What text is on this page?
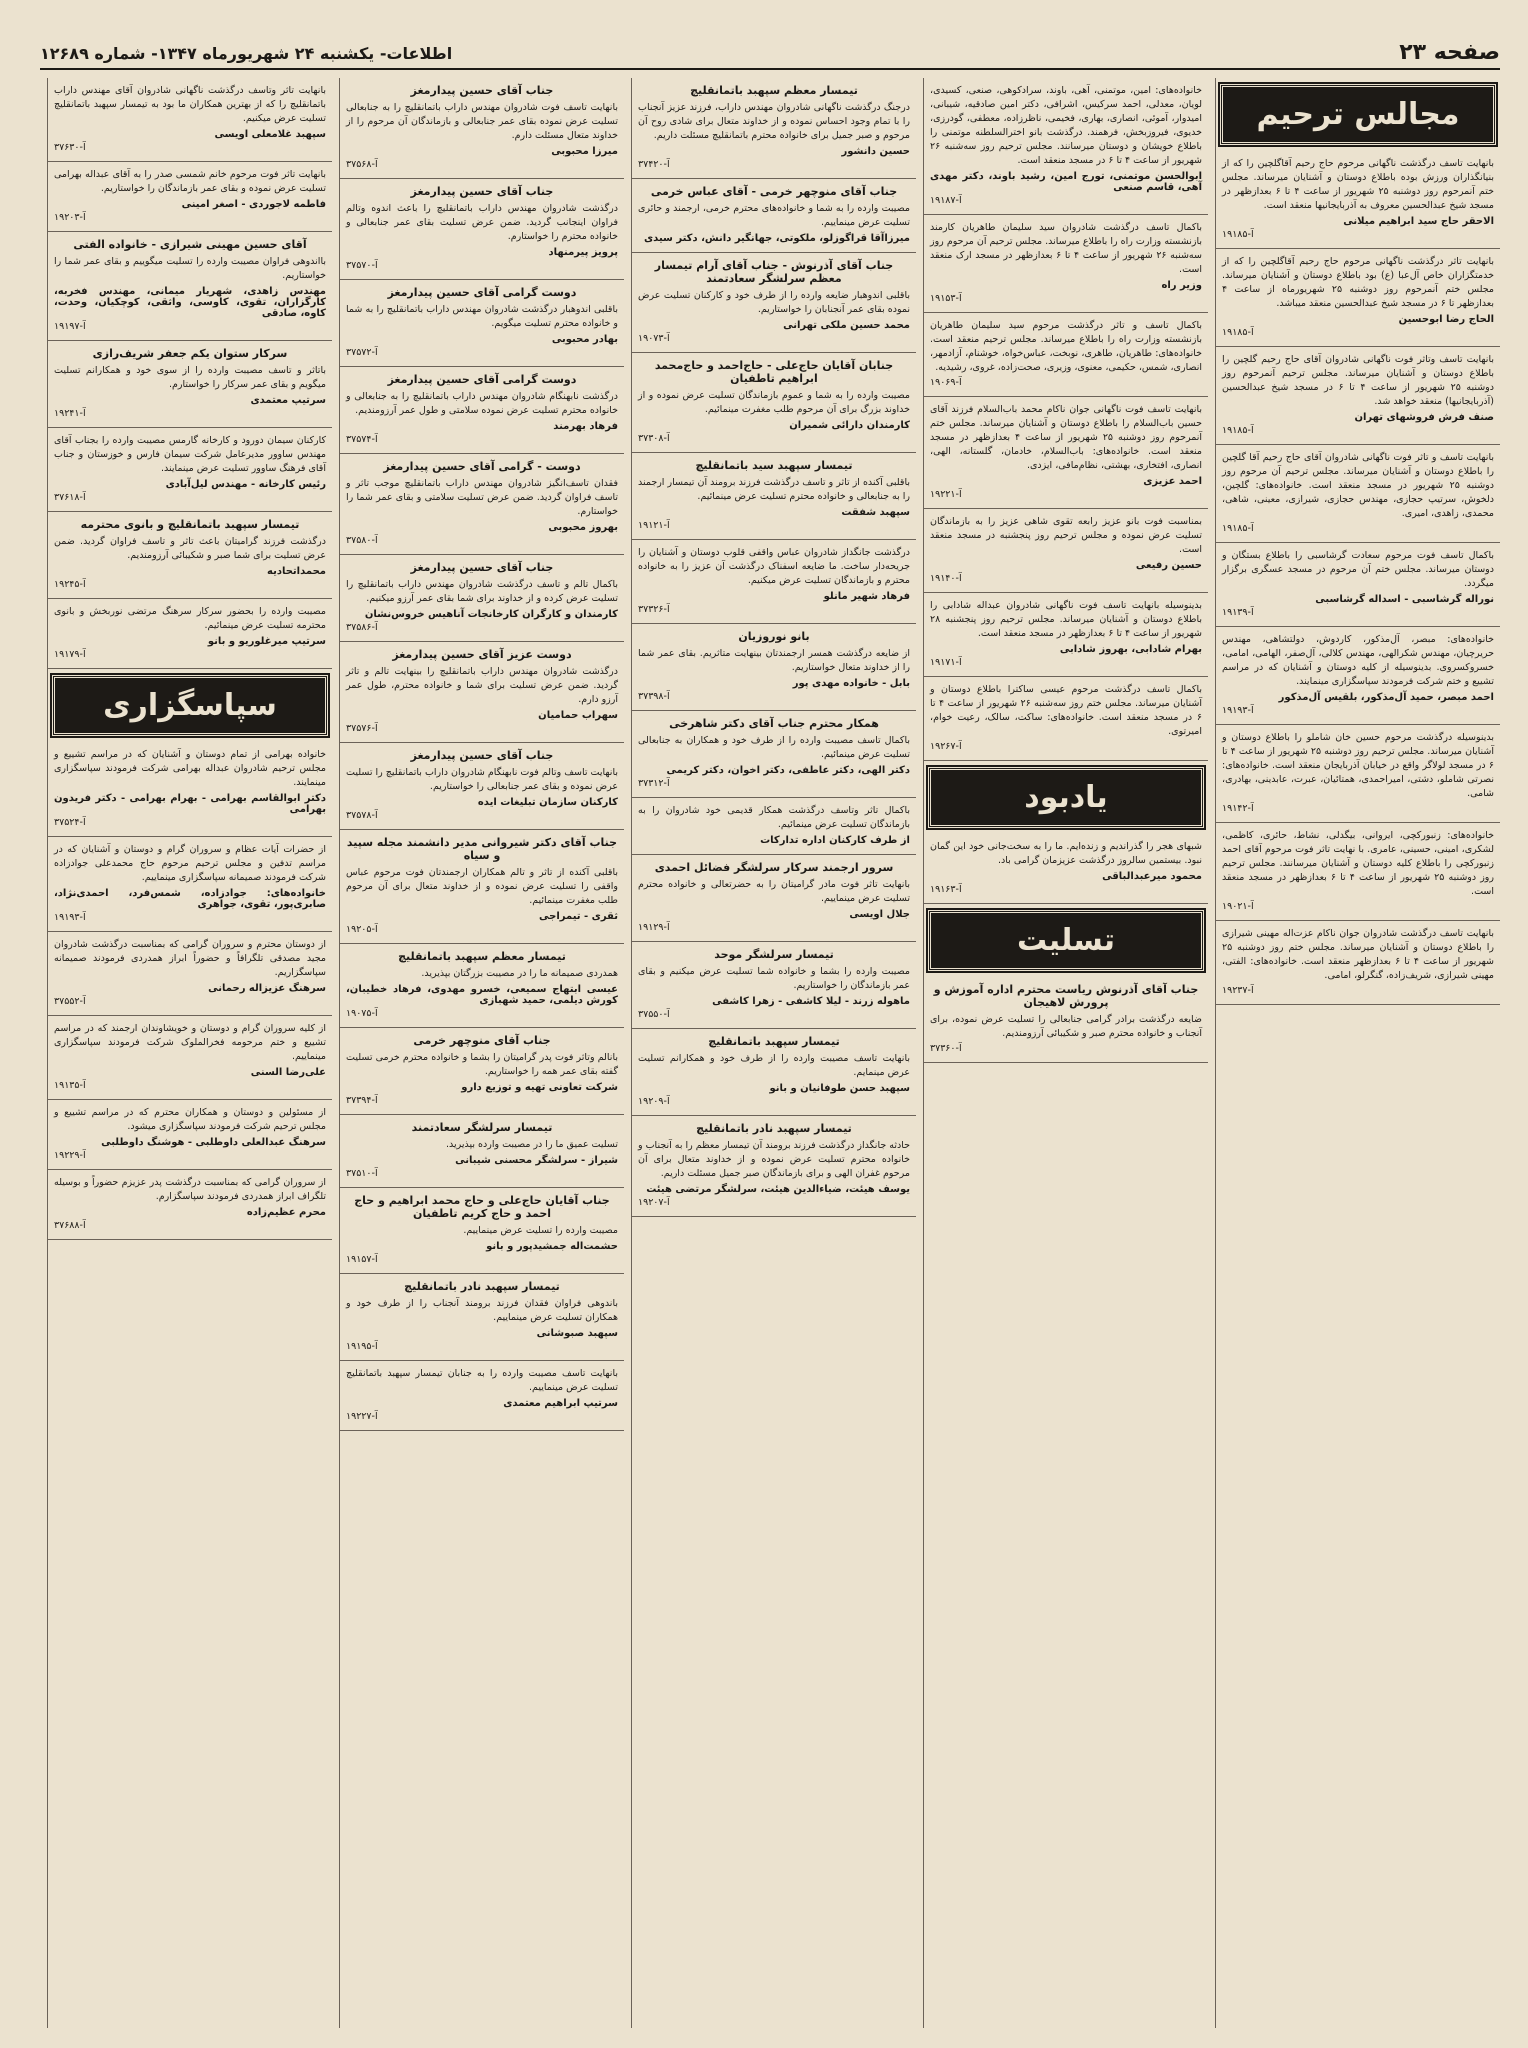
صفحه ۲۳
اطلاعات- یکشنبه ۲۴ شهریورماه ۱۳۴۷- شماره ۱۲۶۸۹
مجالس ترحیم
بانهایت تاسف درگذشت ناگهانی مرحوم حاج رحیم آقاگلچین را که از بنیانگذاران ورزش بوده باطلاع دوستان و آشنایان میرساند. مجلس ختم آنمرحوم روز دوشنبه ۲۵ شهریور از ساعت ۴ تا ۶ بعدازظهر در مسجد شیخ عبدالحسین معروف به آذربایجانیها منعقد است.
الاحقر حاج سید ابراهیم میلانی
آ-۱۹۱۸۵
بانهایت تاثر درگذشت ناگهانی مرحوم حاج رحیم آقاگلچین را که از خدمتگزاران خاص آل‌عبا (ع) بود باطلاع دوستان و آشنایان میرساند. مجلس ختم آنمرحوم روز دوشنبه ۲۵ شهریورماه از ساعت ۴ بعدازظهر تا ۶ در مسجد شیخ عبدالحسین منعقد میباشد.
الحاج رضا ابوحسین
آ-۱۹۱۸۵
بانهایت تاسف وتاثر فوت ناگهانی شادروان آقای حاج رحیم گلچین را باطلاع دوستان و آشنایان میرساند. مجلس ترحیم آنمرحوم روز دوشنبه ۲۵ شهریور از ساعت ۴ تا ۶ در مسجد شیخ عبدالحسین (آذربایجانیها) منعقد خواهد شد.
صنف فرش فروشهای تهران
آ-۱۹۱۸۵
بانهایت تاسف و تاثر فوت ناگهانی شادروان آقای حاج رحیم آقا گلچین را باطلاع دوستان و آشنایان میرساند. مجلس ترحیم آن مرحوم روز دوشنبه ۲۵ شهریور در مسجد منعقد است. خانواده‌های: گلچین، دلخوش، سرتیپ حجازی، مهندس حجازی، شیرازی، معینی، شاهی، محمدی، زاهدی، امیری.
آ-۱۹۱۸۵
باکمال تاسف فوت مرحوم سعادت گرشاسبی را باطلاع بستگان و دوستان میرساند. مجلس ختم آن مرحوم در مسجد عسگری برگزار میگردد.
نوراله گرشاسبی - اسداله گرشاسبی
آ-۱۹۱۳۹
خانواده‌های: مبصر، آل‌مذکور، کاردوش، دولتشاهی، مهندس حریرچیان، مهندس شکرالهی، مهندس کلالی، آل‌صفر، الهامی، امامی، خسروکسروی. بدینوسیله از کلیه دوستان و آشنایان که در مراسم تشییع و ختم شرکت فرمودند سپاسگزاری مینمایند.
احمد مبصر، حمید آل‌مذکور، بلقیس آل‌مذکور
آ-۱۹۱۹۳
بدینوسیله درگذشت مرحوم حسین خان شاملو را باطلاع دوستان و آشنایان میرساند. مجلس ترحیم روز دوشنبه ۲۵ شهریور از ساعت ۴ تا ۶ در مسجد لولاگر واقع در خیابان آذربایجان منعقد است. خانواده‌های: نصرتی شاملو، دشتی، امیراحمدی، همتائیان، عبرت، عابدینی، بهادری، شامی.
آ-۱۹۱۴۲
خانواده‌های: زنبورکچی، ایروانی، بیگدلی، نشاط، حائری، کاظمی، لشکری، امینی، حسینی، عامری. با نهایت تاثر فوت مرحوم آقای احمد زنبورکچی را باطلاع کلیه دوستان و آشنایان میرسانند. مجلس ترحیم روز دوشنبه ۲۵ شهریور از ساعت ۴ تا ۶ بعدازظهر در مسجد منعقد است.
آ-۱۹۰۲۱
بانهایت تاسف درگذشت شادروان جوان ناکام عزت‌اله مهینی شیرازی را باطلاع دوستان و آشنایان میرساند. مجلس ختم روز دوشنبه ۲۵ شهریور از ساعت ۴ تا ۶ بعدازظهر منعقد است. خانواده‌های: الفتی، مهینی شیرازی، شریف‌زاده، گنگرلو، امامی.
آ-۱۹۲۳۷
خانواده‌های: امین، موتمنی، آهی، باوند، سرادکوهی، صنعی، کسیدی، لویان، معدلی، احمد سرکیس، اشرافی، دکتر امین صادقیه، شیبانی، امیدوار، آموئی، انصاری، بهاری، فخیمی، ناظرزاده، معطفی، گودرزی، خدیوی، فیروزبخش، فرهمند. درگذشت بانو اخترالسلطنه موتمنی را باطلاع خویشان و دوستان میرسانند. مجلس ترحیم روز سه‌شنبه ۲۶ شهریور از ساعت ۴ تا ۶ در مسجد منعقد است.
ابوالحسن موتمنی، تورج امین، رشید باوند، دکتر مهدی آهی، قاسم صنعی
آ-۱۹۱۸۷
باکمال تاسف درگذشت شادروان سید سلیمان طاهریان کارمند بازنشسته وزارت راه را باطلاع میرساند. مجلس ترحیم آن مرحوم روز سه‌شنبه ۲۶ شهریور از ساعت ۴ تا ۶ بعدازظهر در مسجد ارک منعقد است.
وزیر راه
آ-۱۹۱۵۳
باکمال تاسف و تاثر درگذشت مرحوم سید سلیمان طاهریان بازنشسته وزارت راه را باطلاع میرساند. مجلس ترحیم منعقد است. خانواده‌های: طاهریان، طاهری، نوبخت، عباس‌خواه، خوشنام، آزادمهر، انصاری، شمس، حکیمی، معنوی، وزیری، صحت‌زاده، غروی، رشیدیه.
آ-۱۹۰۶۹
بانهایت تاسف فوت ناگهانی جوان ناکام محمد باب‌السلام فرزند آقای حسین باب‌السلام را باطلاع دوستان و آشنایان میرساند. مجلس ختم آنمرحوم روز دوشنبه ۲۵ شهریور از ساعت ۴ بعدازظهر در مسجد منعقد است. خانواده‌های: باب‌السلام، خادمان، گلستانه، الهی، انصاری، افتخاری، بهشتی، نظام‌مافی، ایزدی.
احمد عزیزی
آ-۱۹۲۲۱
بمناسبت فوت بانو عزیز رابعه تقوی شاهی عزیز را به بازماندگان تسلیت عرض نموده و مجلس ترحیم روز پنجشنبه در مسجد منعقد است.
حسین رفیعی
آ-۱۹۱۴۰
بدینوسیله بانهایت تاسف فوت ناگهانی شادروان عبداله شادابی را باطلاع دوستان و آشنایان میرساند. مجلس ترحیم روز پنجشنبه ۲۸ شهریور از ساعت ۴ تا ۶ بعدازظهر در مسجد منعقد است.
بهرام شادابی، بهروز شادابی
آ-۱۹۱۷۱
باکمال تاسف درگذشت مرحوم عیسی ساکترا باطلاع دوستان و آشنایان میرساند. مجلس ختم روز سه‌شنبه ۲۶ شهریور از ساعت ۴ تا ۶ در مسجد منعقد است. خانواده‌های: ساکت، سالک، رعیت خوام، امیرتوی.
آ-۱۹۲۶۷
یادبود
شبهای هجر را گذراندیم و زنده‌ایم. ما را به سخت‌جانی خود این گمان نبود. بیستمین سالروز درگذشت عزیزمان گرامی باد.
محمود میرعبدالباقی
آ-۱۹۱۶۳
تسلیت
جناب آقای آذرنوش ریاست محترم اداره آموزش و پرورش لاهیجان
ضایعه درگذشت برادر گرامی جنابعالی را تسلیت عرض نموده، برای آنجناب و خانواده محترم صبر و شکیبائی آرزومندیم.
آ-۳۷۳۶۰
تیمسار معظم سپهبد باتمانقلیچ
درجنگ درگذشت ناگهانی شادروان مهندس داراب، فرزند عزیز آنجناب را با تمام وجود احساس نموده و از خداوند متعال برای شادی روح آن مرحوم و صبر جمیل برای خانواده محترم باتمانقلیچ مسئلت داریم.
حسین دانشور
آ-۳۷۴۲۰
جناب آقای منوچهر خرمی - آقای عباس خرمی
مصیبت وارده را به شما و خانواده‌های محترم خرمی، ارجمند و حائری تسلیت عرض مینماییم.
میرزاآقا قراگوزلو، ملکوتی، جهانگیر دانش، دکتر سیدی
جناب آقای آذرنوش - جناب آقای آرام تیمسار معظم سرلشگر سعادتمند
باقلبی اندوهبار ضایعه وارده را از طرف خود و کارکنان تسلیت عرض نموده بقای عمر آنجنابان را خواستاریم.
محمد حسین ملکی تهرانی
آ-۱۹۰۷۳
جنابان آقایان حاج‌علی - حاج‌احمد و حاج‌محمد ابراهیم تاطفیان
مصیبت وارده را به شما و عموم بازماندگان تسلیت عرض نموده و از خداوند بزرگ برای آن مرحوم طلب مغفرت مینمائیم.
کارمندان دارائی شمیران
آ-۳۷۳۰۸
تیمسار سپهبد سید باتمانقلیچ
باقلبی آکنده از تاثر و تاسف درگذشت فرزند برومند آن تیمسار ارجمند را به جنابعالی و خانواده محترم تسلیت عرض مینمائیم.
سپهبد شفقت
آ-۱۹۱۲۱
درگذشت جانگداز شادروان عباس واقفی قلوب دوستان و آشنایان را جریحه‌دار ساخت. ما ضایعه اسفناک درگذشت آن عزیز را به خانواده محترم و بازماندگان تسلیت عرض میکنیم.
فرهاد شهیر مانلو
آ-۳۷۳۲۶
بانو نوروزیان
از ضایعه درگذشت همسر ارجمندتان بینهایت متاثریم. بقای عمر شما را از خداوند متعال خواستاریم.
بابل - خانواده مهدی پور
آ-۳۷۳۹۸
همکار محترم جناب آقای دکتر شاهرخی
باکمال تاسف مصیبت وارده را از طرف خود و همکاران به جنابعالی تسلیت عرض مینمائیم.
دکتر الهی، دکتر عاطفی، دکتر اخوان، دکتر کریمی
آ-۳۷۳۱۲
باکمال تاثر وتاسف درگذشت همکار قدیمی خود شادروان را به بازماندگان تسلیت عرض مینمائیم.
از طرف کارکنان اداره تدارکات
سرور ارجمند سرکار سرلشگر فضائل احمدی
بانهایت تاثر فوت مادر گرامیتان را به حضرتعالی و خانواده محترم تسلیت عرض مینماییم.
جلال اویسی
آ-۱۹۱۲۹
تیمسار سرلشگر موحد
مصیبت وارده را بشما و خانواده شما تسلیت عرض میکنیم و بقای عمر بازماندگان را خواستاریم.
ماهوله زرند - لیلا کاشفی - زهرا کاشفی
آ-۳۷۵۵۰
تیمسار سپهبد باتمانقلیچ
بانهایت تاسف مصیبت وارده را از طرف خود و همکارانم تسلیت عرض مینمایم.
سپهبد حسن طوفانیان و بانو
آ-۱۹۲۰۹
تیمسار سپهبد نادر باتمانقلیچ
حادثه جانگداز درگذشت فرزند برومند آن تیمسار معظم را به آنجناب و خانواده محترم تسلیت عرض نموده و از خداوند متعال برای آن مرحوم غفران الهی و برای بازماندگان صبر جمیل مسئلت داریم.
یوسف هیئت، ضیاءالدین هیئت، سرلشگر مرتضی هیئت
آ-۱۹۲۰۷
جناب آقای حسین پیدارمغز
بانهایت تاسف فوت شادروان مهندس داراب باتمانقلیچ را به جنابعالی تسلیت عرض نموده بقای عمر جنابعالی و بازماندگان آن مرحوم را از خداوند متعال مسئلت دارم.
میرزا محبوبی
آ-۳۷۵۶۸
جناب آقای حسین پیدارمغز
درگذشت شادروان مهندس داراب باتمانقلیچ را باعث اندوه وتالم فراوان اینجانب گردید. ضمن عرض تسلیت بقای عمر جنابعالی و خانواده محترم را خواستارم.
پرویز پیرمنهاد
آ-۳۷۵۷۰
دوست گرامی آقای حسین پیدارمغز
باقلبی اندوهبار درگذشت شادروان مهندس داراب باتمانقلیچ را به شما و خانواده محترم تسلیت میگویم.
بهادر محبوبی
آ-۳۷۵۷۲
دوست گرامی آقای حسین پیدارمغز
درگذشت نابهنگام شادروان مهندس داراب باتمانقلیچ را به جنابعالی و خانواده محترم تسلیت عرض نموده سلامتی و طول عمر آرزومندیم.
فرهاد بهرمند
آ-۳۷۵۷۴
دوست - گرامی آقای حسین پیدارمغز
فقدان تاسف‌انگیز شادروان مهندس داراب باتمانقلیچ موجب تاثر و تاسف فراوان گردید. ضمن عرض تسلیت سلامتی و بقای عمر شما را خواستارم.
بهروز محبوبی
آ-۳۷۵۸۰
جناب آقای حسین پیدارمغز
باکمال تالم و تاسف درگذشت شادروان مهندس داراب باتمانقلیچ را تسلیت عرض کرده و از خداوند برای شما بقای عمر آرزو میکنیم.
کارمندان و کارگران کارخانجات آناهیس خروس‌نشان
آ-۳۷۵۸۶
دوست عزیز آقای حسین پیدارمغز
درگذشت شادروان مهندس داراب باتمانقلیچ را بینهایت تالم و تاثر گردید. ضمن عرض تسلیت برای شما و خانواده محترم، طول عمر آرزو دارم.
سهراب حمامیان
آ-۳۷۵۷۶
جناب آقای حسین پیدارمغز
بانهایت تاسف وتالم فوت نابهنگام شادروان داراب باتمانقلیچ را تسلیت عرض نموده و بقای عمر جنابعالی را خواستاریم.
کارکنان سازمان تبلیغات ایده
آ-۳۷۵۷۸
جناب آقای دکتر شیروانی مدیر دانشمند مجله سپید و سیاه
باقلبی آکنده از تاثر و تالم همکاران ارجمندتان فوت مرحوم عباس واقفی را تسلیت عرض نموده و از خداوند متعال برای آن مرحوم طلب مغفرت مینمائیم.
ثقری - تیمراجی
آ-۱۹۲۰۵
تیمسار معظم سپهبد باتمانقلیچ
همدردی صمیمانه ما را در مصیبت بزرگتان بپذیرید.
عیسی ابتهاج سمیعی، خسرو مهدوی، فرهاد خطیبان، کورش دیلمی، حمید شهبازی
آ-۱۹۰۷۵
جناب آقای منوچهر خرمی
بانالم وتاثر فوت پدر گرامیتان را بشما و خانواده محترم خرمی تسلیت گفته بقای عمر همه را خواستاریم.
شرکت تعاونی تهیه و توزیع دارو
آ-۳۷۳۹۴
تیمسار سرلشگر سعادتمند
تسلیت عمیق ما را در مصیبت وارده بپذیرید.
شیراز - سرلشگر محسنی شیبانی
آ-۳۷۵۱۰
جناب آقایان حاج‌علی و حاج محمد ابراهیم و حاج احمد و حاج کریم تاطفیان
مصیبت وارده را تسلیت عرض مینماییم.
حشمت‌اله جمشیدپور و بانو
آ-۱۹۱۵۷
تیمسار سپهبد نادر باتمانقلیچ
باندوهی فراوان فقدان فرزند برومند آنجناب را از طرف خود و همکاران تسلیت عرض مینماییم.
سپهبد صبوشانی
آ-۱۹۱۹۵
بانهایت تاسف مصیبت وارده را به جنابان تیمسار سپهبد باتمانقلیچ تسلیت عرض مینماییم.
سرتیپ ابراهیم معتمدی
آ-۱۹۲۲۷
بانهایت تاثر وتاسف درگذشت ناگهانی شادروان آقای مهندس داراب باتمانقلیچ را که از بهترین همکاران ما بود به تیمسار سپهبد باتمانقلیچ تسلیت عرض میکنیم.
سپهبد غلامعلی اویسی
آ-۳۷۶۳۰
بانهایت تاثر فوت مرحوم خانم شمسی صدر را به آقای عبداله بهرامی تسلیت عرض نموده و بقای عمر بازماندگان را خواستاریم.
فاطمه لاجوردی - اصغر امینی
آ-۱۹۲۰۳
آقای حسین مهینی شیرازی - خانواده الفتی
بااندوهی فراوان مصیبت وارده را تسلیت میگوییم و بقای عمر شما را خواستاریم.
مهندس زاهدی، شهریار میمانی، مهندس فخربه، کارگزاران، تقوی، کاوسی، واثقی، کوچکیان، وحدت، کاوه، صادقی
آ-۱۹۱۹۷
سرکار ستوان یکم جعفر شریف‌رازی
باتاثر و تاسف مصیبت وارده را از سوی خود و همکارانم تسلیت میگویم و بقای عمر سرکار را خواستارم.
سرتیپ معتمدی
آ-۱۹۲۴۱
کارکنان سیمان دورود و کارخانه گارمس مصیبت وارده را بجناب آقای مهندس ساوور مدیرعامل شرکت سیمان فارس و خوزستان و جناب آقای فرهنگ ساوور تسلیت عرض مینمایند.
رئیس کارخانه - مهندس لیل‌آبادی
آ-۳۷۶۱۸
تیمسار سپهبد باتمانقلیچ و بانوی محترمه
درگذشت فرزند گرامیتان باعث تاثر و تاسف فراوان گردید. ضمن عرض تسلیت برای شما صبر و شکیبائی آرزومندیم.
محمداتحادیه
آ-۱۹۲۴۵
مصیبت وارده را بحضور سرکار سرهنگ مرتضی نوربخش و بانوی محترمه تسلیت عرض مینمائیم.
سرتیپ میرغلوریو و بانو
آ-۱۹۱۷۹
سپاسگزاری
خانواده بهرامی از تمام دوستان و آشنایان که در مراسم تشییع و مجلس ترحیم شادروان عبداله بهرامی شرکت فرمودند سپاسگزاری مینمایند.
دکتر ابوالقاسم بهرامی - بهرام بهرامی - دکتر فریدون بهرامی
آ-۳۷۵۲۴
از حضرات آیات عظام و سروران گرام و دوستان و آشنایان که در مراسم تدفین و مجلس ترحیم مرحوم حاج محمدعلی جوادزاده شرکت فرمودند صمیمانه سپاسگزاری مینماییم.
خانواده‌های: جوادزاده، شمس‌فرد، احمدی‌نژاد، صابری‌پور، تقوی، جواهری
آ-۱۹۱۹۳
از دوستان محترم و سروران گرامی که بمناسبت درگذشت شادروان مجید مصدقی تلگرافاً و حضوراً ابراز همدردی فرمودند صمیمانه سپاسگزاریم.
سرهنگ عزیزاله رحمانی
آ-۳۷۵۵۲
از کلیه سروران گرام و دوستان و خویشاوندان ارجمند که در مراسم تشییع و ختم مرحومه فخرالملوک شرکت فرمودند سپاسگزاری مینماییم.
علی‌رضا السنی
آ-۱۹۱۳۵
از مسئولین و دوستان و همکاران محترم که در مراسم تشییع و مجلس ترحیم شرکت فرمودند سپاسگزاری میشود.
سرهنگ عبدالعلی داوطلبی - هوشنگ داوطلبی
آ-۱۹۲۲۹
از سروران گرامی که بمناسبت درگذشت پدر عزیزم حضوراً و بوسیله تلگراف ابراز همدردی فرمودند سپاسگزارم.
محرم عظیم‌زاده
آ-۳۷۶۸۸
